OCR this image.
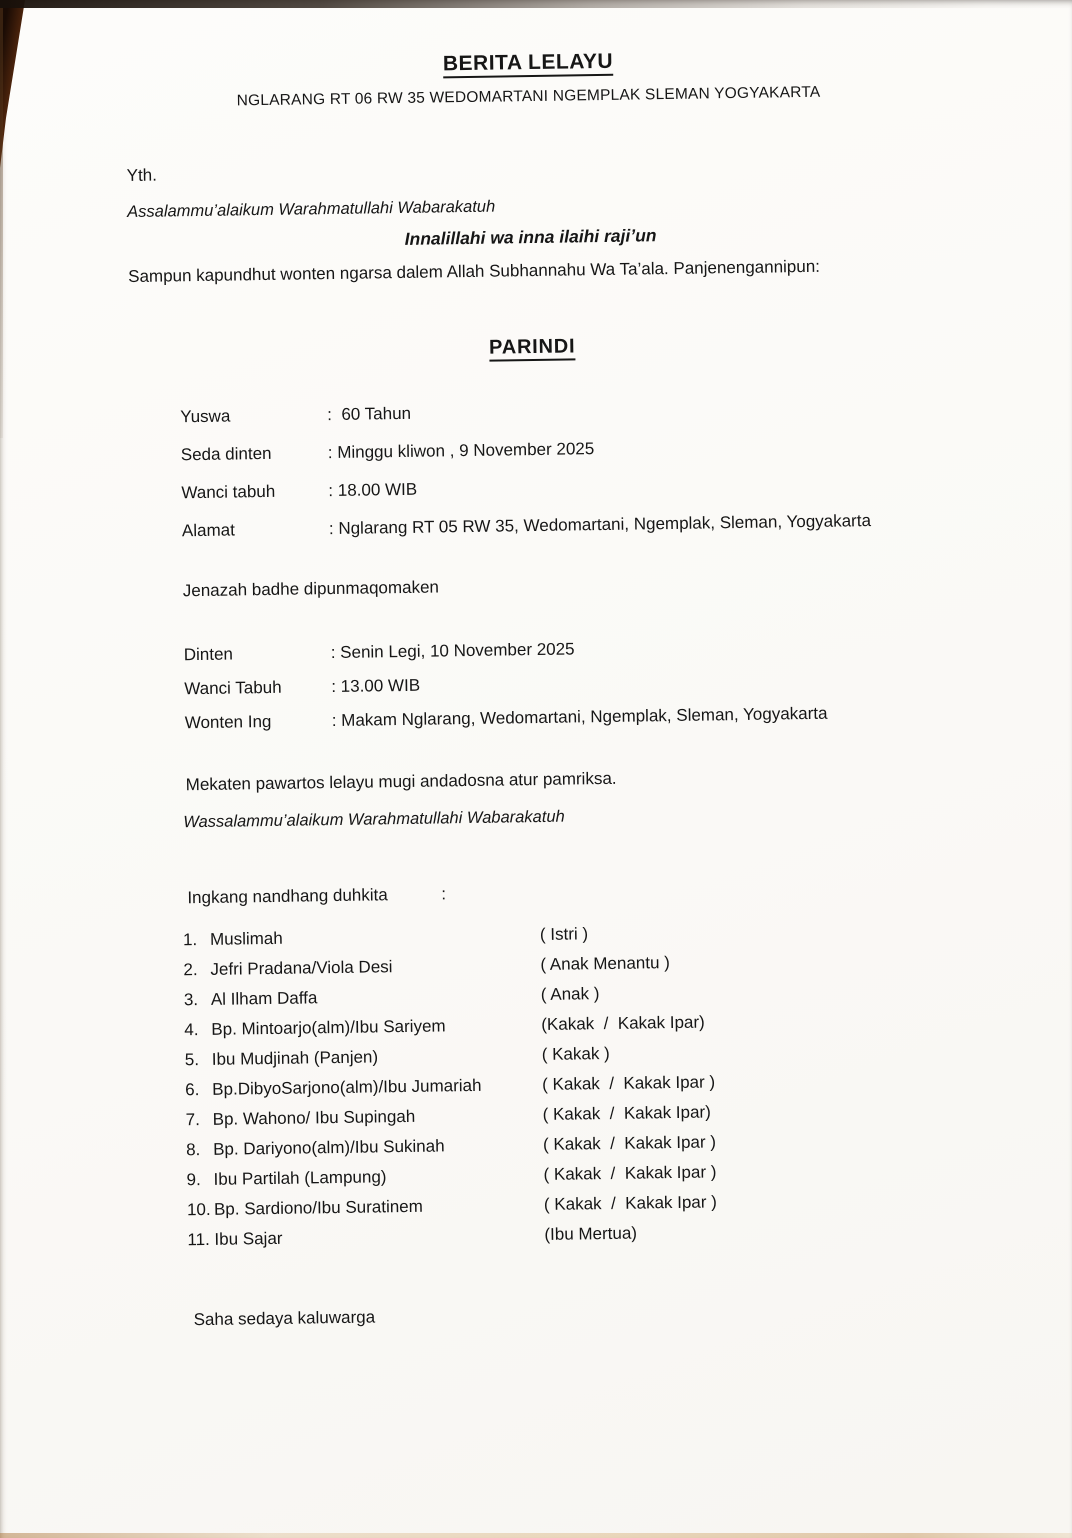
BERITA LELAYU
NGLARANG RT 06 RW 35 WEDOMARTANI NGEMPLAK SLEMAN YOGYAKARTA
Yth.
Assalammu’alaikum Warahmatullahi Wabarakatuh
Innalillahi wa inna ilaihi raji’un
Sampun kapundhut wonten ngarsa dalem Allah Subhannahu Wa Ta’ala. Panjenengannipun:
PARINDI
Yuswa	:  60 Tahun
Seda dinten	: Minggu kliwon , 9 November 2025
Wanci tabuh	: 18.00 WIB
Alamat	: Nglarang RT 05 RW 35, Wedomartani, Ngemplak, Sleman, Yogyakarta
Jenazah badhe dipunmaqomaken
Dinten	: Senin Legi, 10 November 2025
Wanci Tabuh	: 13.00 WIB
Wonten Ing	: Makam Nglarang, Wedomartani, Ngemplak, Sleman, Yogyakarta
Mekaten pawartos lelayu mugi andadosna atur pamriksa.
Wassalammu’alaikum Warahmatullahi Wabarakatuh
Ingkang nandhang duhkita	:
1. Muslimah	( Istri )
2. Jefri Pradana/Viola Desi	( Anak Menantu )
3. Al Ilham Daffa	( Anak )
4. Bp. Mintoarjo(alm)/Ibu Sariyem	(Kakak  /  Kakak Ipar)
5. Ibu Mudjinah (Panjen)	( Kakak )
6. Bp.DibyoSarjono(alm)/Ibu Jumariah	( Kakak  /  Kakak Ipar )
7. Bp. Wahono/ Ibu Supingah	( Kakak  /  Kakak Ipar)
8. Bp. Dariyono(alm)/Ibu Sukinah	( Kakak  /  Kakak Ipar )
9. Ibu Partilah (Lampung)	( Kakak  /  Kakak Ipar )
10. Bp. Sardiono/Ibu Suratinem	( Kakak  /  Kakak Ipar )
11. Ibu Sajar	(Ibu Mertua)
Saha sedaya kaluwarga
